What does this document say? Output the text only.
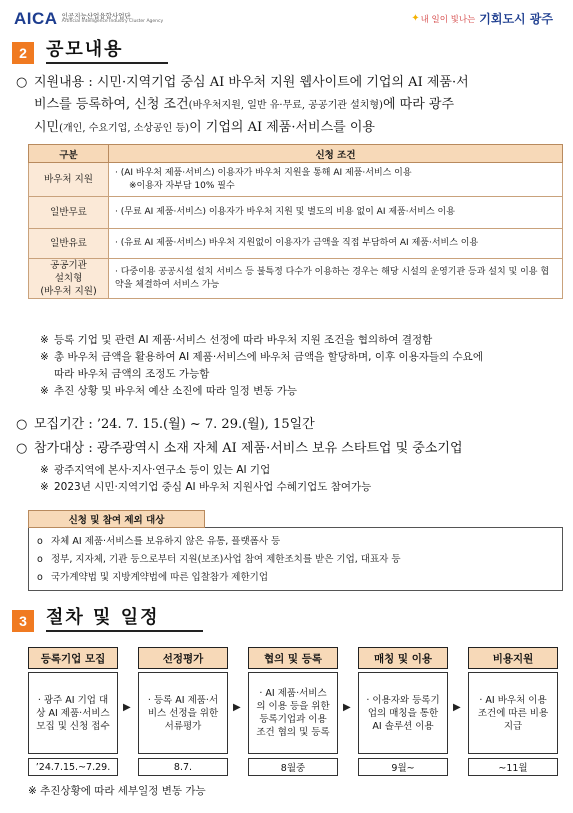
AICA 인공지능산업융합사업단
Artificial Intelligence Industry Cluster Agency	✦ 내 일이 빛나는 기회도시 광주
2	공모내용
○ 지원내용 : 시민·지역기업 중심 AI 바우처 지원 웹사이트에 기업의 AI 제품·서
비스를 등록하여, 신청 조건(바우처지원, 일반 유·무료, 공공기관 설치형)에 따라 광주
시민(개인, 수요기업, 소상공인 등)이 기업의 AI 제품·서비스를 이용
구분	신청 조건
바우처 지원	· (AI 바우처 제품·서비스) 이용자가 바우처 지원을 통해 AI 제품·서비스 이용
※이용자 자부담 10% 필수

일반무료	· (무료 AI 제품·서비스) 이용자가 바우처 지원 및 별도의 비용 없이 AI 제품·서비스 이용
일반유료	· (유료 AI 제품·서비스) 바우처 지원없이 이용자가 금액을 직접 부담하여 AI 제품·서비스 이용

공공기관
설치형
(바우처 지원)	· 다중이용 공공시설 설치 서비스 등 불특정 다수가 이용하는 경우는 해당 시설의 운영기관 등과 설치 및 이용 협약을 체결하여 서비스 가능
※ 등록 기업 및 관련 AI 제품·서비스 선정에 따라 바우처 지원 조건을 협의하여 결정함
※ 총 바우처 금액을 활용하여 AI 제품·서비스에 바우처 금액을 할당하며, 이후 이용자들의 수요에
따라 바우처 금액의 조정도 가능함
※ 추진 상황 및 바우처 예산 소진에 따라 일정 변동 가능
○ 모집기간 : ’24. 7. 15.(월) ~ 7. 29.(월), 15일간
○ 참가대상 : 광주광역시 소재 자체 AI 제품·서비스 보유 스타트업 및 중소기업
※ 광주지역에 본사·지사·연구소 등이 있는 AI 기업
※ 2023년 시민·지역기업 중심 AI 바우처 지원사업 수혜기업도 참여가능
신청 및 참여 제외 대상
o 자체 AI 제품·서비스를 보유하지 않은 유통, 플랫폼사 등
o 정부, 지자체, 기관 등으로부터 지원(보조)사업 참여 제한조치를 받은 기업, 대표자 등
o 국가계약법 및 지방계약법에 따른 입찰참가 제한기업
3	절차 및 일정
등록기업 모집
· 광주 AI 기업 대상 AI 제품·서비스 모집 및 신청 접수
’24.7.15.~7.29.
▶
선정평가
· 등록 AI 제품·서비스 선정을 위한 서류평가
8.7.
▶
협의 및 등록
· AI 제품·서비스의 이용 등을 위한 등록기업과 이용 조건 협의 및 등록
8월중
▶
매칭 및 이용
· 이용자와 등록기업의 매칭을 통한 AI 솔루션 이용
9월~
▶
비용지원
· AI 바우처 이용 조건에 따른 비용 지급
~11월
※ 추진상황에 따라 세부일정 변동 가능
